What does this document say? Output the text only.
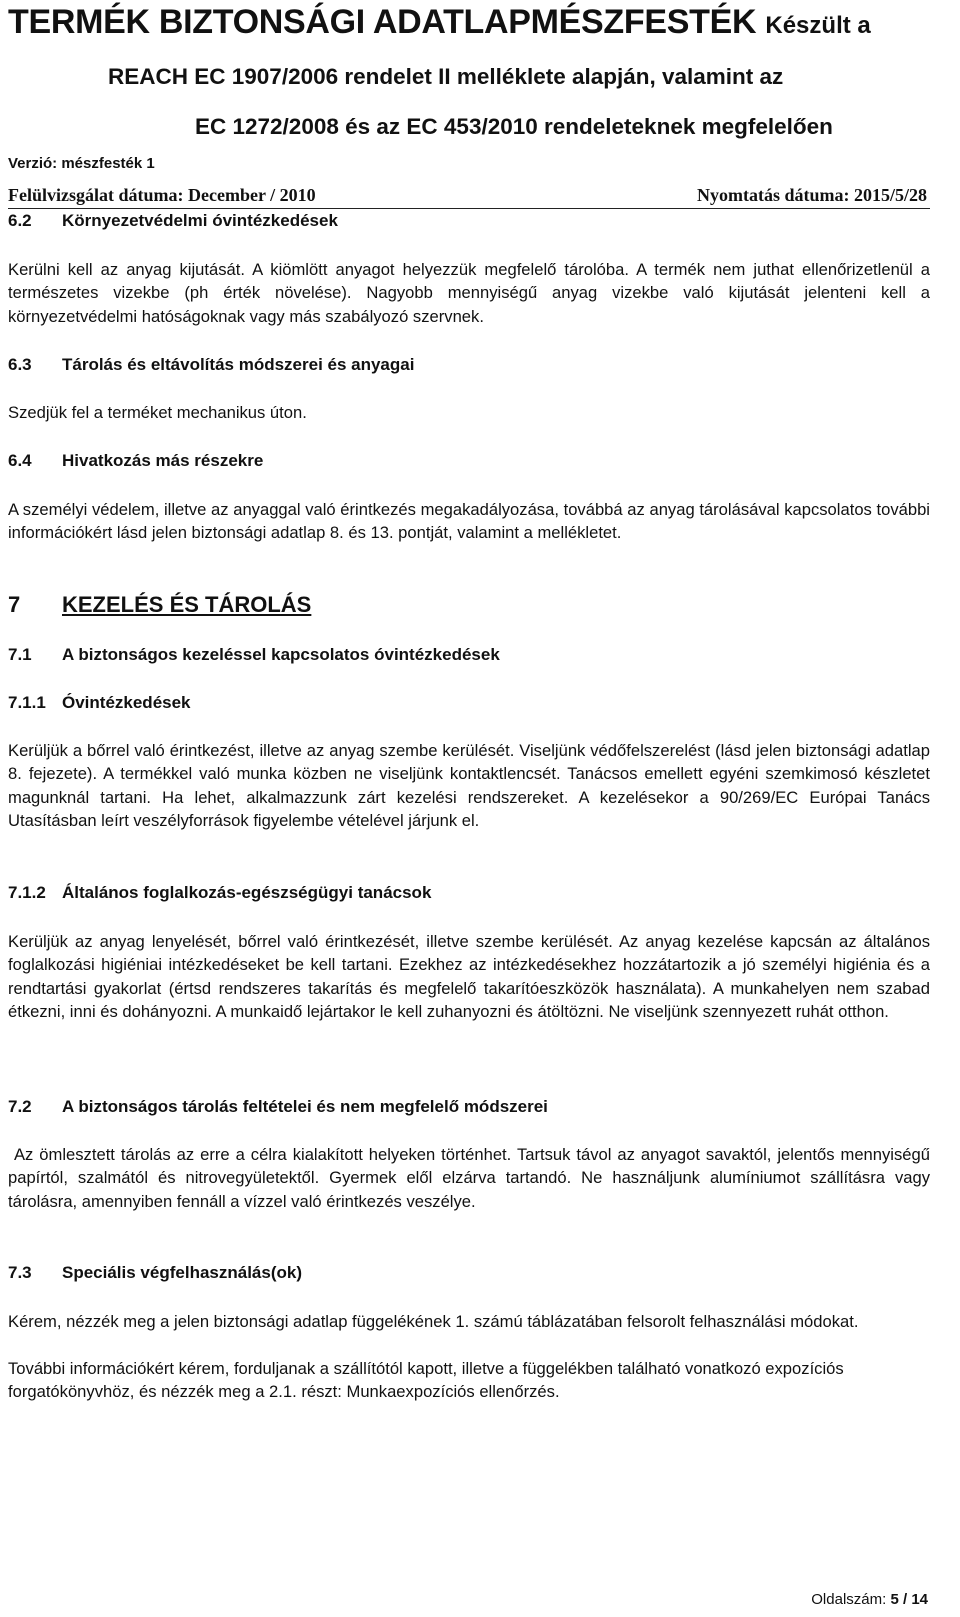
TERMÉK BIZTONSÁGI ADATLAPMÉSZFESTÉK Készült a
REACH EC 1907/2006 rendelet II melléklete alapján, valamint az
EC 1272/2008 és az EC 453/2010 rendeleteknek megfelelően
Verzió: mészfesték 1
Felülvizsgálat dátuma: December / 2010	Nyomtatás dátuma: 2015/5/28
6.2 Környezetvédelmi óvintézkedések

Kerülni kell az anyag kijutását. A kiömlött anyagot helyezzük megfelelő tárolóba. A termék nem juthat ellenőrizetlenül a természetes vizekbe (ph érték növelése). Nagyobb mennyiségű anyag vizekbe való kijutását jelenteni kell a környezetvédelmi hatóságoknak vagy más szabályozó szervnek.

6.3 Tárolás és eltávolítás módszerei és anyagai

Szedjük fel a terméket mechanikus úton.

6.4 Hivatkozás más részekre

A személyi védelem, illetve az anyaggal való érintkezés megakadályozása, továbbá az anyag tárolásával kapcsolatos további információkért lásd jelen biztonsági adatlap 8. és 13. pontját, valamint a mellékletet.

7 KEZELÉS ÉS TÁROLÁS
7.1 A biztonságos kezeléssel kapcsolatos óvintézkedések
7.1.1 Óvintézkedések

Kerüljük a bőrrel való érintkezést, illetve az anyag szembe kerülését. Viseljünk védőfelszerelést (lásd jelen biztonsági adatlap 8. fejezete). A termékkel való munka közben ne viseljünk kontaktlencsét. Tanácsos emellett egyéni szemkimosó készletet magunknál tartani. Ha lehet, alkalmazzunk zárt kezelési rendszereket. A kezelésekor a 90/269/EC Európai Tanács Utasításban leírt veszélyforrások figyelembe vételével járjunk el.

7.1.2 Általános foglalkozás-egészségügyi tanácsok

Kerüljük az anyag lenyelését, bőrrel való érintkezését, illetve szembe kerülését. Az anyag kezelése kapcsán az általános foglalkozási higiéniai intézkedéseket be kell tartani. Ezekhez az intézkedésekhez hozzátartozik a jó személyi higiénia és a rendtartási gyakorlat (értsd rendszeres takarítás és megfelelő takarítóeszközök használata). A munkahelyen nem szabad étkezni, inni és dohányozni. A munkaidő lejártakor le kell zuhanyozni és átöltözni. Ne viseljünk szennyezett ruhát otthon.

7.2 A biztonságos tárolás feltételei és nem megfelelő módszerei

Az ömlesztett tárolás az erre a célra kialakított helyeken történhet. Tartsuk távol az anyagot savaktól, jelentős mennyiségű papírtól, szalmától és nitrovegyületektől. Gyermek elől elzárva tartandó. Ne használjunk alumíniumot szállításra vagy tárolásra, amennyiben fennáll a vízzel való érintkezés veszélye.

7.3 Speciális végfelhasználás(ok)

Kérem, nézzék meg a jelen biztonsági adatlap függelékének 1. számú táblázatában felsorolt felhasználási módokat.

További információkért kérem, forduljanak a szállítótól kapott, illetve a függelékben található vonatkozó expozíciós forgatókönyvhöz, és nézzék meg a 2.1. részt: Munkaexpozíciós ellenőrzés.

Oldalszám: 5 / 14
